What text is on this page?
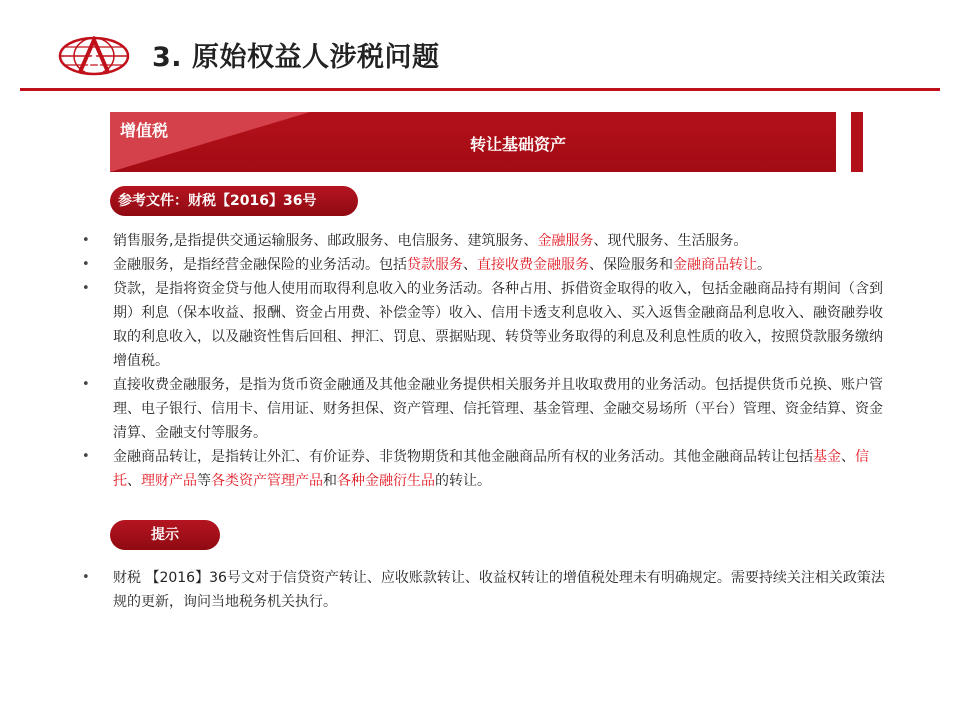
3. 原始权益人涉税问题
增值税
转让基础资产
参考文件：财税【2016】36号
• 销售服务,是指提供交通运输服务、邮政服务、电信服务、建筑服务、金融服务、现代服务、生活服务。
• 金融服务，是指经营金融保险的业务活动。包括贷款服务、直接收费金融服务、保险服务和金融商品转让。
• 贷款，是指将资金贷与他人使用而取得利息收入的业务活动。各种占用、拆借资金取得的收入，包括金融商品持有期间（含到期）利息（保本收益、报酬、资金占用费、补偿金等）收入、信用卡透支利息收入、买入返售金融商品利息收入、融资融券收取的利息收入，以及融资性售后回租、押汇、罚息、票据贴现、转贷等业务取得的利息及利息性质的收入，按照贷款服务缴纳增值税。
• 直接收费金融服务，是指为货币资金融通及其他金融业务提供相关服务并且收取费用的业务活动。包括提供货币兑换、账户管理、电子银行、信用卡、信用证、财务担保、资产管理、信托管理、基金管理、金融交易场所（平台）管理、资金结算、资金清算、金融支付等服务。
• 金融商品转让，是指转让外汇、有价证券、非货物期货和其他金融商品所有权的业务活动。其他金融商品转让包括基金、信托、理财产品等各类资产管理产品和各种金融衍生品的转让。
提示
• 财税 【2016】36号文对于信贷资产转让、应收账款转让、收益权转让的增值税处理未有明确规定。需要持续关注相关政策法规的更新，询问当地税务机关执行。
